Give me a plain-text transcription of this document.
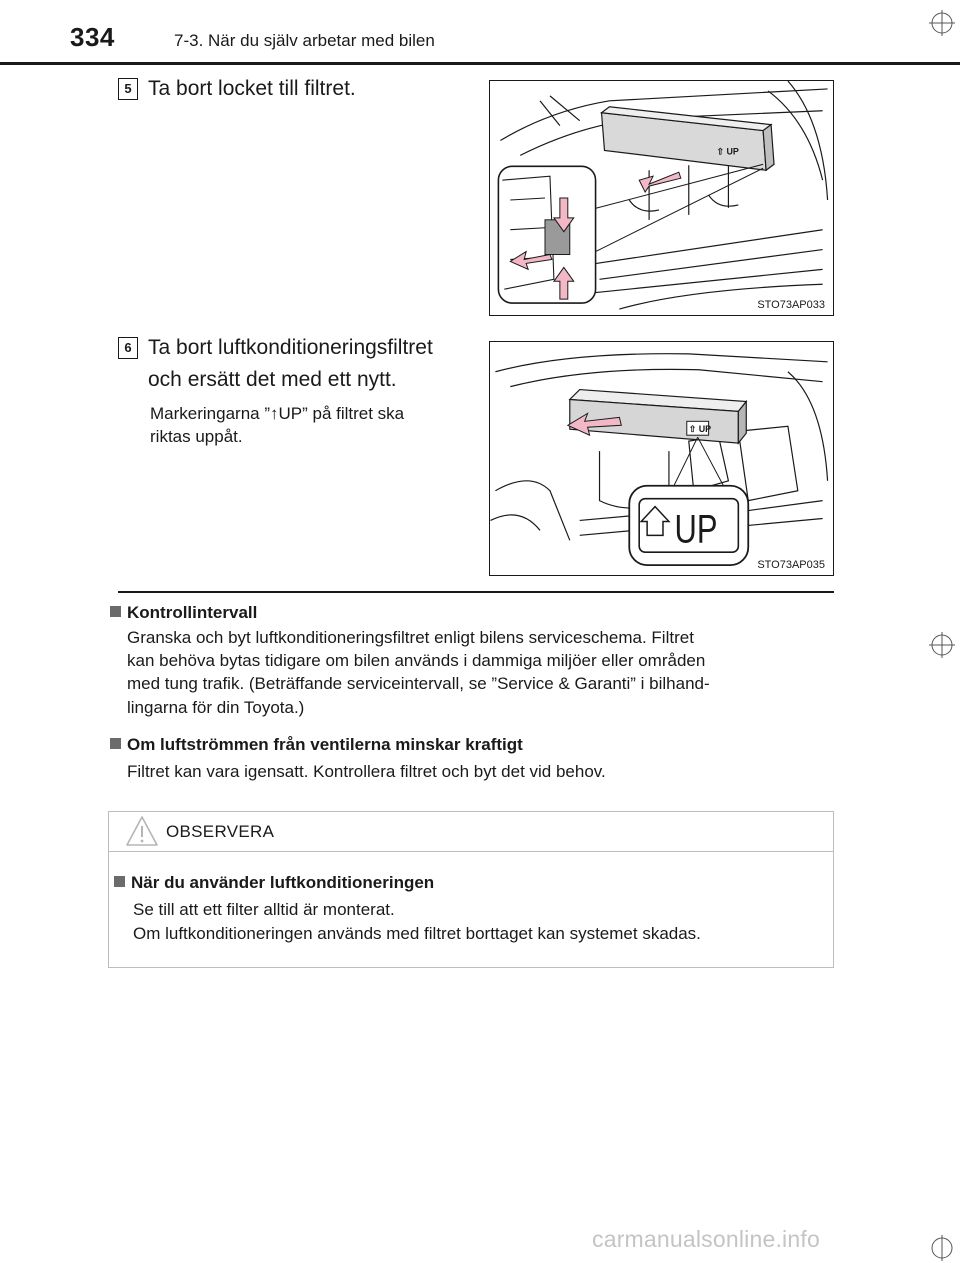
334	7-3. När du själv arbetar med bilen
5 Ta bort locket till filtret.
⇧ UP
STO73AP033
6 Ta bort luftkonditioneringsfiltret
och ersätt det med ett nytt.
Markeringarna ”↑UP” på filtret ska
riktas uppåt.	⇧ UP
UP
STO73AP035
Kontrollintervall
Granska och byt luftkonditioneringsfiltret enligt bilens serviceschema. Filtret
kan behöva bytas tidigare om bilen används i dammiga miljöer eller områden
med tung trafik. (Beträffande serviceintervall, se ”Service & Garanti” i bilhand-
lingarna för din Toyota.)
Om luftströmmen från ventilerna minskar kraftigt
Filtret kan vara igensatt. Kontrollera filtret och byt det vid behov.
OBSERVERA
När du använder luftkonditioneringen
Se till att ett filter alltid är monterat.
Om luftkonditioneringen används med filtret borttaget kan systemet skadas.
carmanualsonline.info
